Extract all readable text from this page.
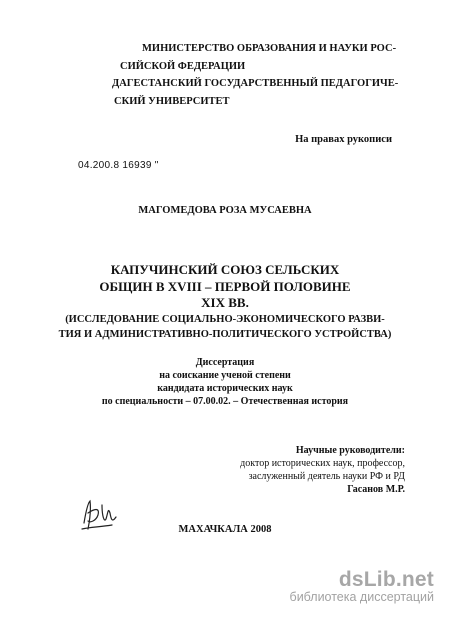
МИНИСТЕРСТВО ОБРАЗОВАНИЯ И НАУКИ РОС-
СИЙСКОЙ ФЕДЕРАЦИИ
ДАГЕСТАНСКИЙ ГОСУДАРСТВЕННЫЙ ПЕДАГОГИЧЕ-
СКИЙ УНИВЕРСИТЕТ
На правах рукописи
04.200.8 16939 "
МАГОМЕДОВА РОЗА МУСАЕВНА
КАПУЧИНСКИЙ СОЮЗ СЕЛЬСКИХ
ОБЩИН В XVIII – ПЕРВОЙ ПОЛОВИНЕ
XIX ВВ.
(ИССЛЕДОВАНИЕ СОЦИАЛЬНО-ЭКОНОМИЧЕСКОГО РАЗВИ-
ТИЯ И АДМИНИСТРАТИВНО-ПОЛИТИЧЕСКОГО УСТРОЙСТВА)
Диссертация
на соискание ученой степени
кандидата исторических наук
по специальности – 07.00.02. – Отечественная история
Научные руководители:
доктор исторических наук, профессор,
заслуженный деятель науки РФ и РД
Гасанов М.Р.
МАХАЧКАЛА 2008
dsLib.net
библиотека диссертаций
